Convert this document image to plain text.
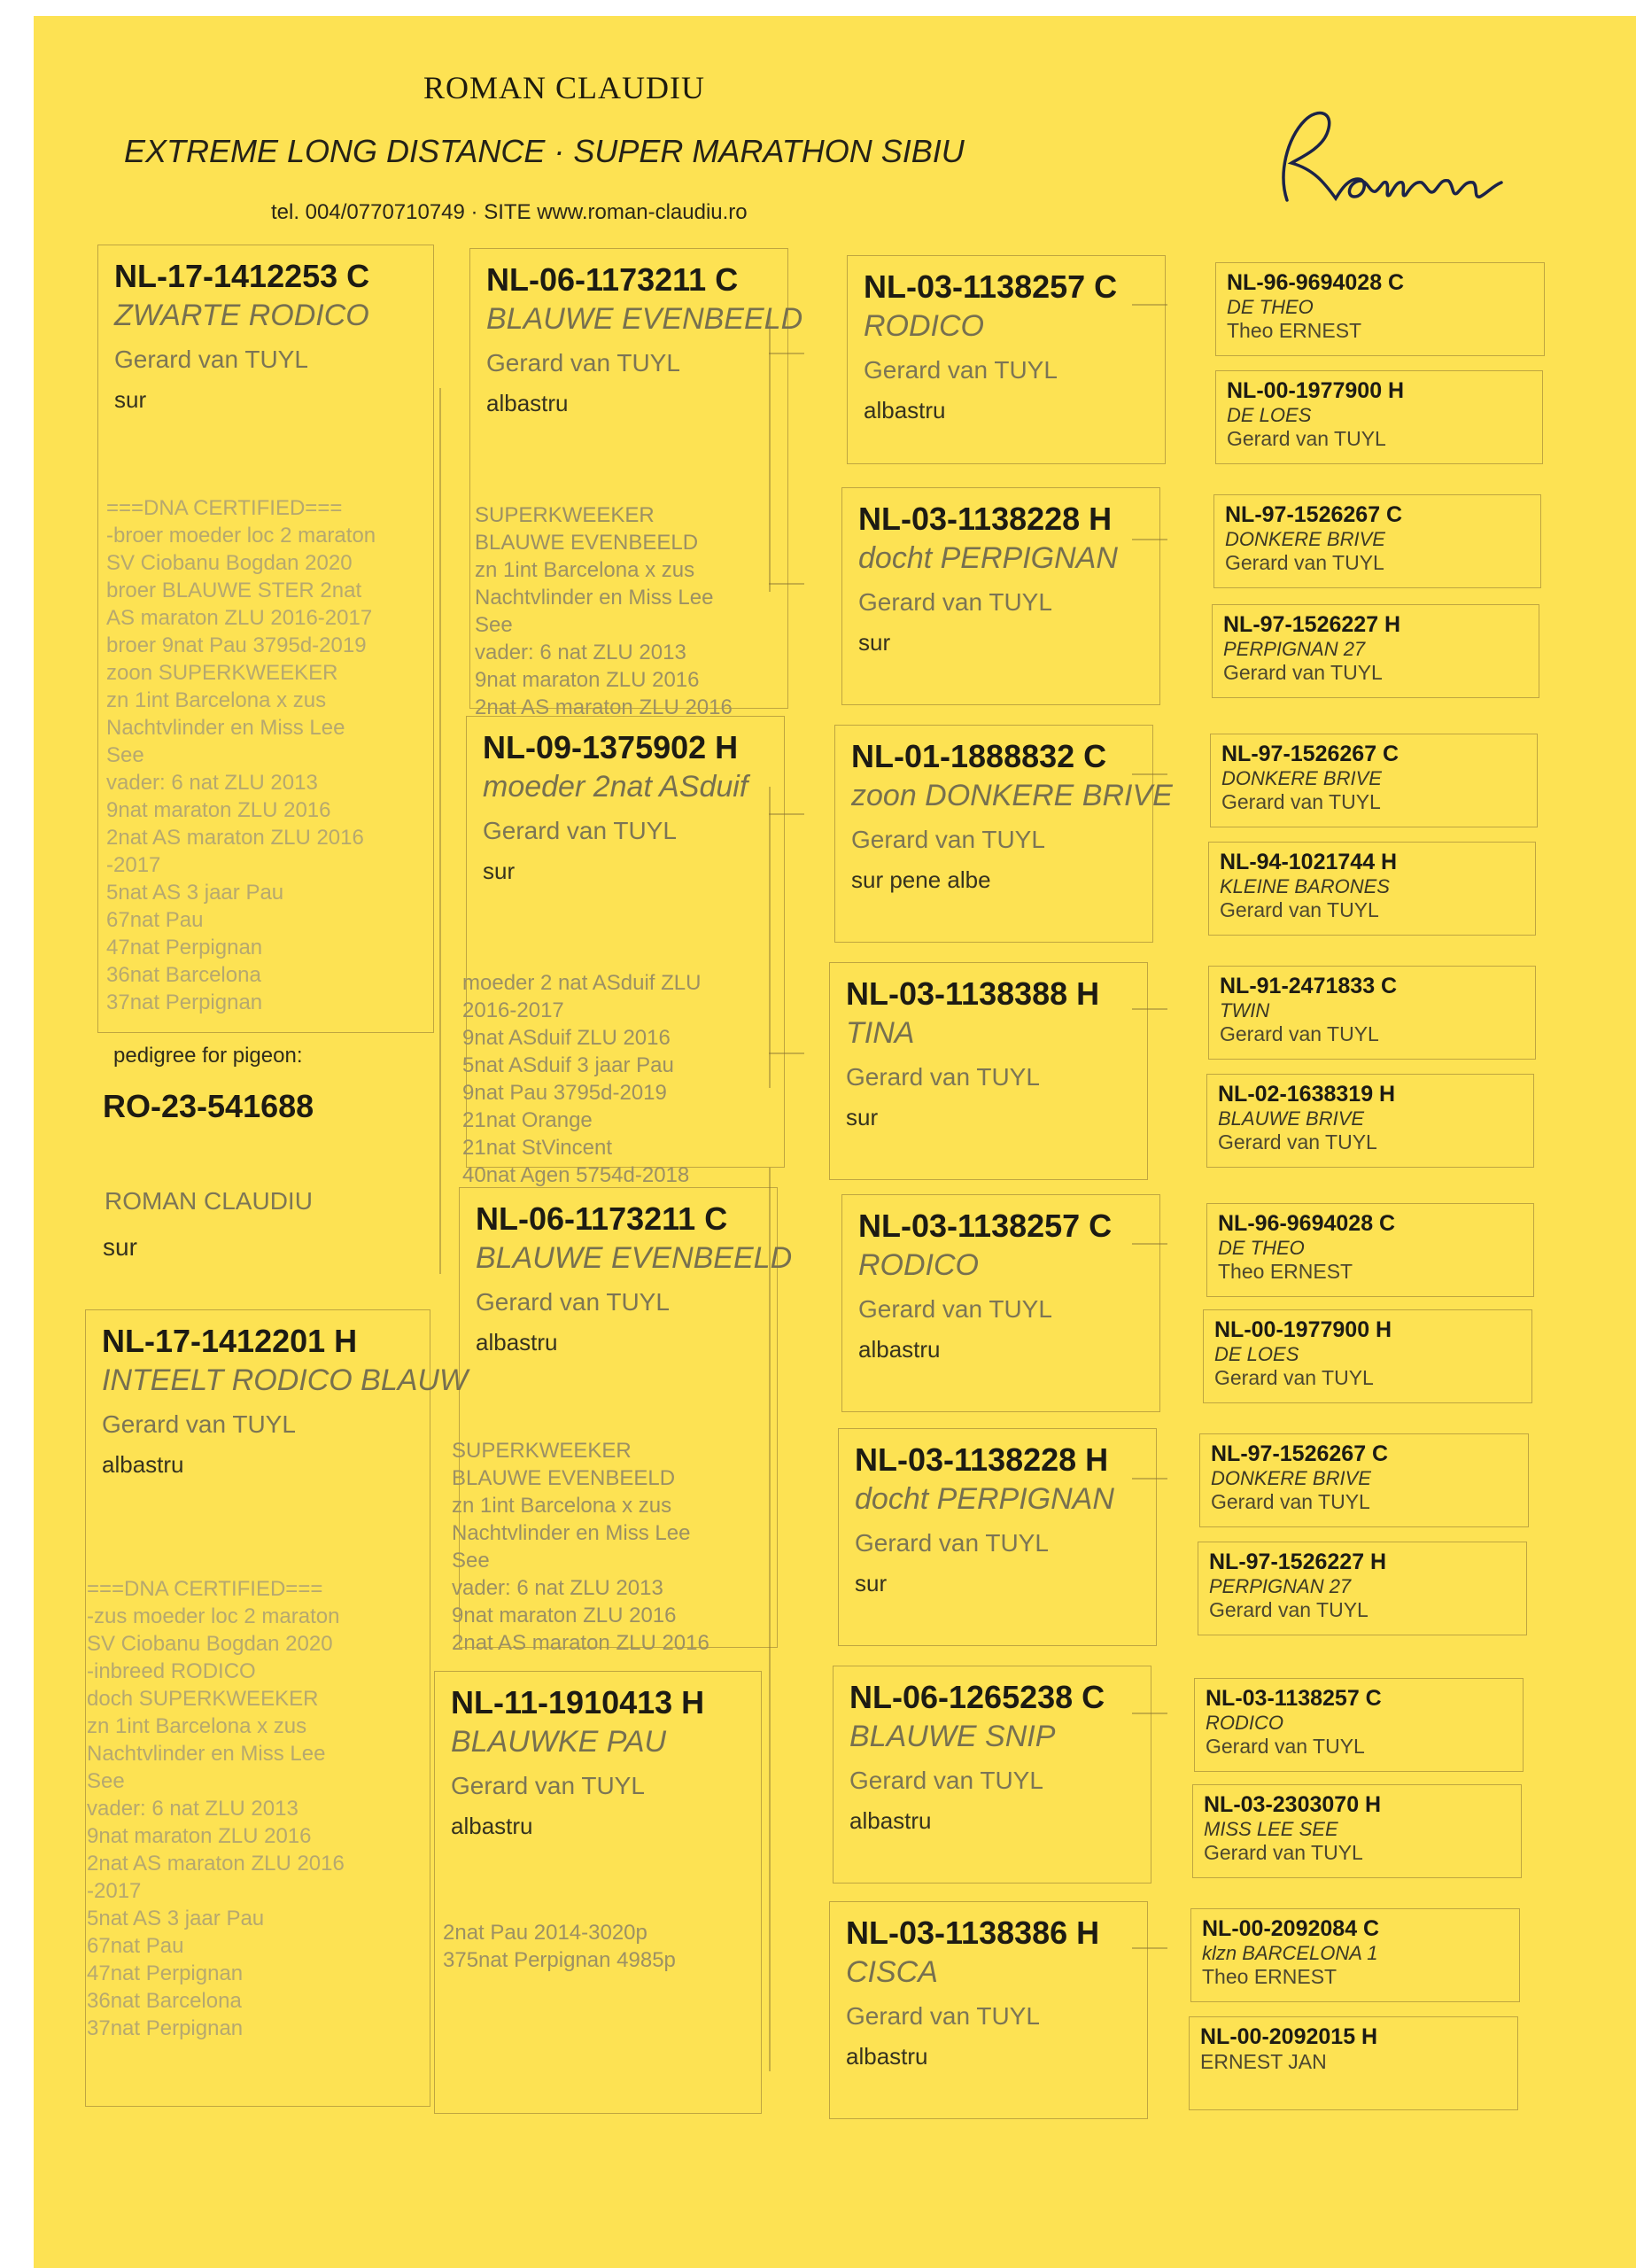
ROMAN CLAUDIU
EXTREME LONG DISTANCE · SUPER MARATHON SIBIU
tel. 004/0770710749 · SITE www.roman-claudiu.ro
NL-17-1412253 C
ZWARTE RODICO
Gerard van TUYL
sur

===DNA CERTIFIED===
-broer moeder loc 2 maraton
SV Ciobanu Bogdan 2020
broer BLAUWE STER 2nat
AS maraton ZLU 2016-2017
broer 9nat Pau 3795d-2019
zoon SUPERKWEEKER
zn 1int Barcelona x zus
Nachtvlinder en Miss Lee
See
vader: 6 nat ZLU 2013
9nat maraton ZLU 2016
2nat AS maraton ZLU 2016
-2017
5nat AS 3 jaar Pau
67nat Pau
47nat Perpignan
36nat Barcelona
37nat Perpignan

pedigree for pigeon:
RO-23-541688
ROMAN CLAUDIU
sur
NL-17-1412201 H
INTEELT RODICO BLAUW
Gerard van TUYL
albastru

===DNA CERTIFIED===
-zus moeder loc 2 maraton
SV Ciobanu Bogdan 2020
-inbreed RODICO
doch SUPERKWEEKER
zn 1int Barcelona x zus
Nachtvlinder en Miss Lee
See
vader: 6 nat ZLU 2013
9nat maraton ZLU 2016
2nat AS maraton ZLU 2016
-2017
5nat AS 3 jaar Pau
67nat Pau
47nat Perpignan
36nat Barcelona
37nat Perpignan

NL-06-1173211 C
BLAUWE EVENBEELD
Gerard van TUYL
albastru

SUPERKWEEKER
BLAUWE EVENBEELD
zn 1int Barcelona x zus
Nachtvlinder en Miss Lee
See
vader: 6 nat ZLU 2013
9nat maraton ZLU 2016
2nat AS maraton ZLU 2016

NL-09-1375902 H
moeder 2nat ASduif
Gerard van TUYL
sur

moeder 2 nat ASduif ZLU
2016-2017
9nat ASduif ZLU 2016
5nat ASduif 3 jaar Pau
9nat Pau 3795d-2019
21nat Orange
21nat StVincent
40nat Agen 5754d-2018

NL-06-1173211 C
BLAUWE EVENBEELD
Gerard van TUYL
albastru

SUPERKWEEKER
BLAUWE EVENBEELD
zn 1int Barcelona x zus
Nachtvlinder en Miss Lee
See
vader: 6 nat ZLU 2013
9nat maraton ZLU 2016
2nat AS maraton ZLU 2016

NL-11-1910413 H
BLAUWKE PAU
Gerard van TUYL
albastru

2nat Pau 2014-3020p
375nat Perpignan 4985p

NL-03-1138257 C
RODICO
Gerard van TUYL
albastru
NL-03-1138228 H
docht PERPIGNAN
Gerard van TUYL
sur
NL-01-1888832 C
zoon DONKERE BRIVE
Gerard van TUYL
sur pene albe
NL-03-1138388 H
TINA
Gerard van TUYL
sur
NL-03-1138257 C
RODICO
Gerard van TUYL
albastru
NL-03-1138228 H
docht PERPIGNAN
Gerard van TUYL
sur
NL-06-1265238 C
BLAUWE SNIP
Gerard van TUYL
albastru
NL-03-1138386 H
CISCA
Gerard van TUYL
albastru
NL-96-9694028 C
DE THEO
Theo ERNEST
NL-00-1977900 H
DE LOES
Gerard van TUYL
NL-97-1526267 C
DONKERE BRIVE
Gerard van TUYL
NL-97-1526227 H
PERPIGNAN 27
Gerard van TUYL
NL-97-1526267 C
DONKERE BRIVE
Gerard van TUYL
NL-94-1021744 H
KLEINE BARONES
Gerard van TUYL
NL-91-2471833 C
TWIN
Gerard van TUYL
NL-02-1638319 H
BLAUWE BRIVE
Gerard van TUYL
NL-96-9694028 C
DE THEO
Theo ERNEST
NL-00-1977900 H
DE LOES
Gerard van TUYL
NL-97-1526267 C
DONKERE BRIVE
Gerard van TUYL
NL-97-1526227 H
PERPIGNAN 27
Gerard van TUYL
NL-03-1138257 C
RODICO
Gerard van TUYL
NL-03-2303070 H
MISS LEE SEE
Gerard van TUYL
NL-00-2092084 C
klzn BARCELONA 1
Theo ERNEST
NL-00-2092015 H
ERNEST JAN
